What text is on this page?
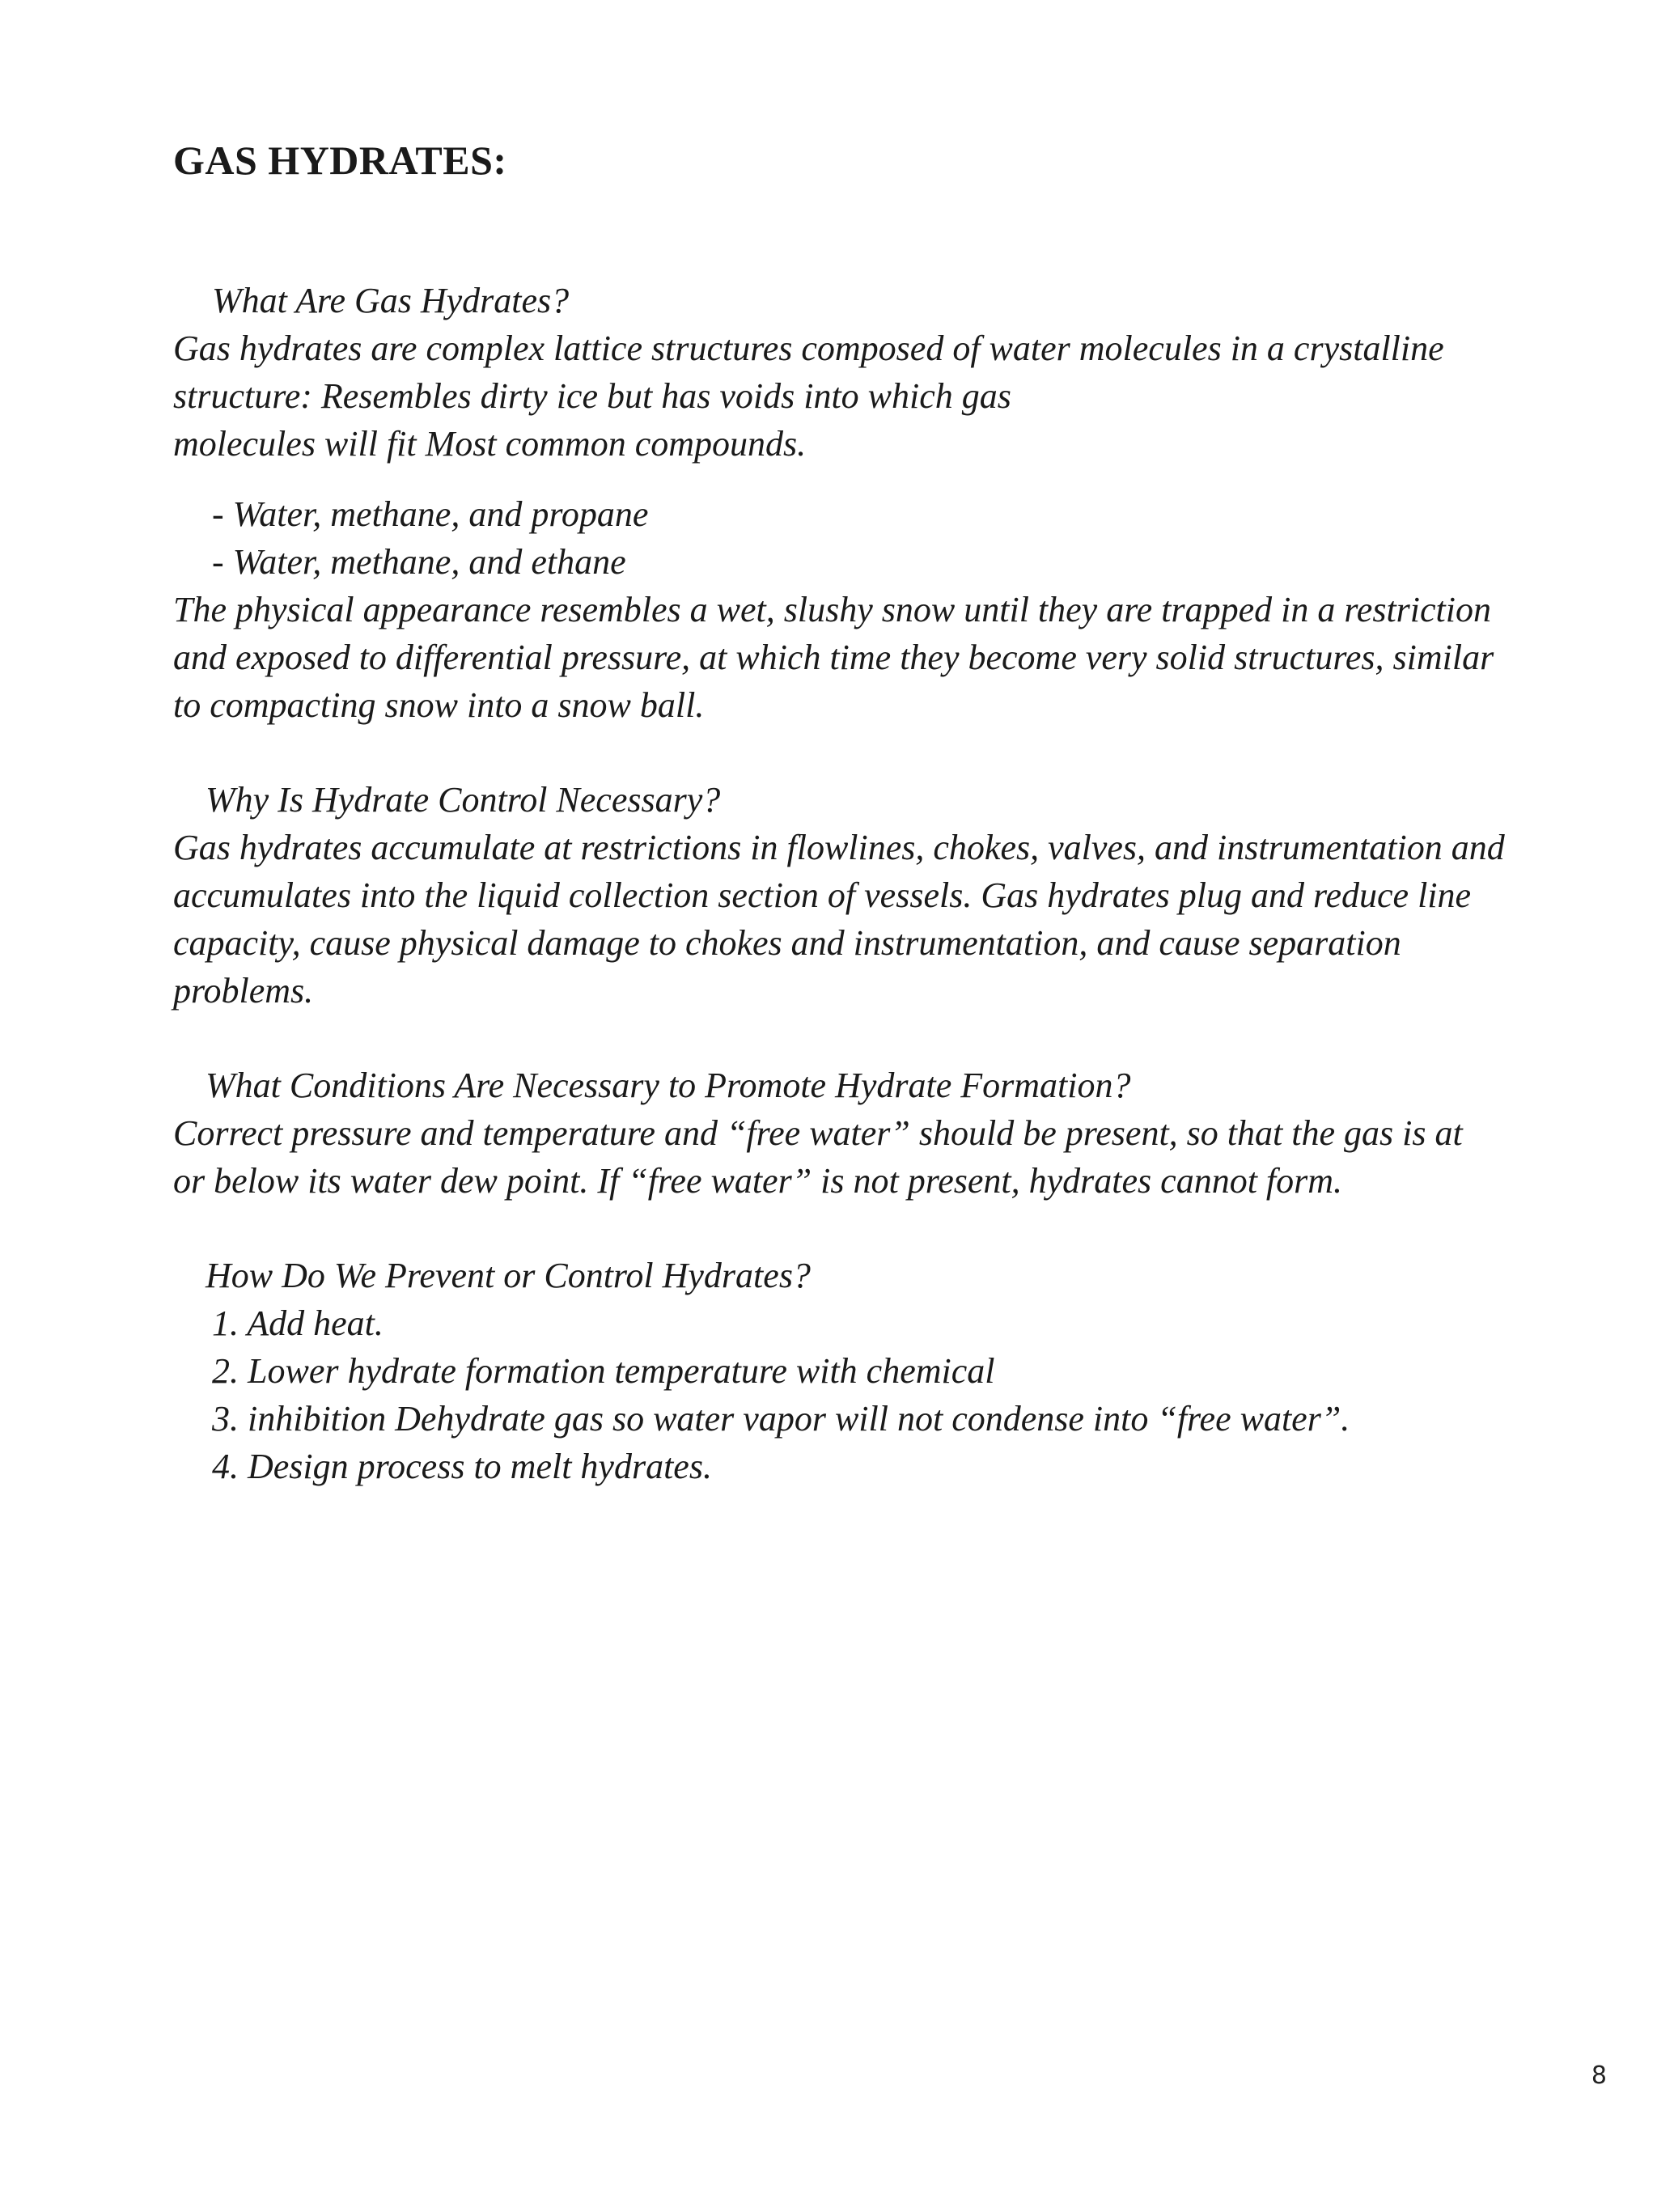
GAS HYDRATES:
What Are Gas Hydrates?
Gas hydrates are complex lattice structures composed of water molecules in a crystalline
structure: Resembles dirty ice but has voids into which gas
molecules will fit Most common compounds.
- Water, methane, and propane
- Water, methane, and ethane
The physical appearance resembles a wet, slushy snow until they are trapped in a restriction
and exposed to differential pressure, at which time they become very solid structures, similar
to compacting snow into a snow ball.
Why Is Hydrate Control Necessary?
Gas hydrates accumulate at restrictions in flowlines, chokes, valves, and instrumentation and
accumulates into the liquid collection section of vessels. Gas hydrates plug and reduce line
capacity, cause physical damage to chokes and instrumentation, and cause separation
problems.
What Conditions Are Necessary to Promote Hydrate Formation?
Correct pressure and temperature and “free water” should be present, so that the gas is at
or below its water dew point. If “free water” is not present, hydrates cannot form.
How Do We Prevent or Control Hydrates?
1. Add heat.
2. Lower hydrate formation temperature with chemical
3. inhibition Dehydrate gas so water vapor will not condense into “free water”.
4. Design process to melt hydrates.
8
